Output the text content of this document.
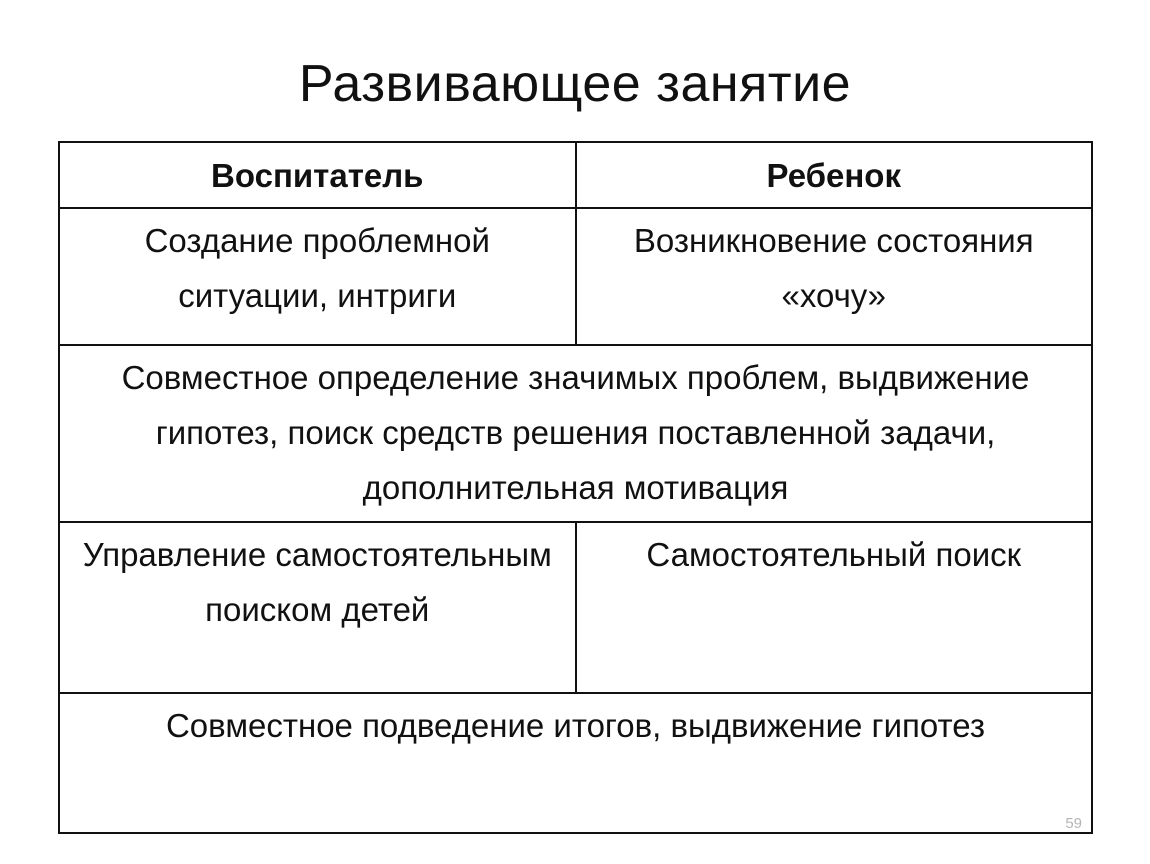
Развивающее занятие
Воспитатель	Ребенок
Создание проблемной ситуации, интриги	Возникновение состояния «хочу»
Совместное определение значимых проблем, выдвижение гипотез, поиск средств решения поставленной задачи, дополнительная мотивация	
Управление самостоятельным поиском детей	Самостоятельный поиск
Совместное подведение итогов, выдвижение гипотез	
59
